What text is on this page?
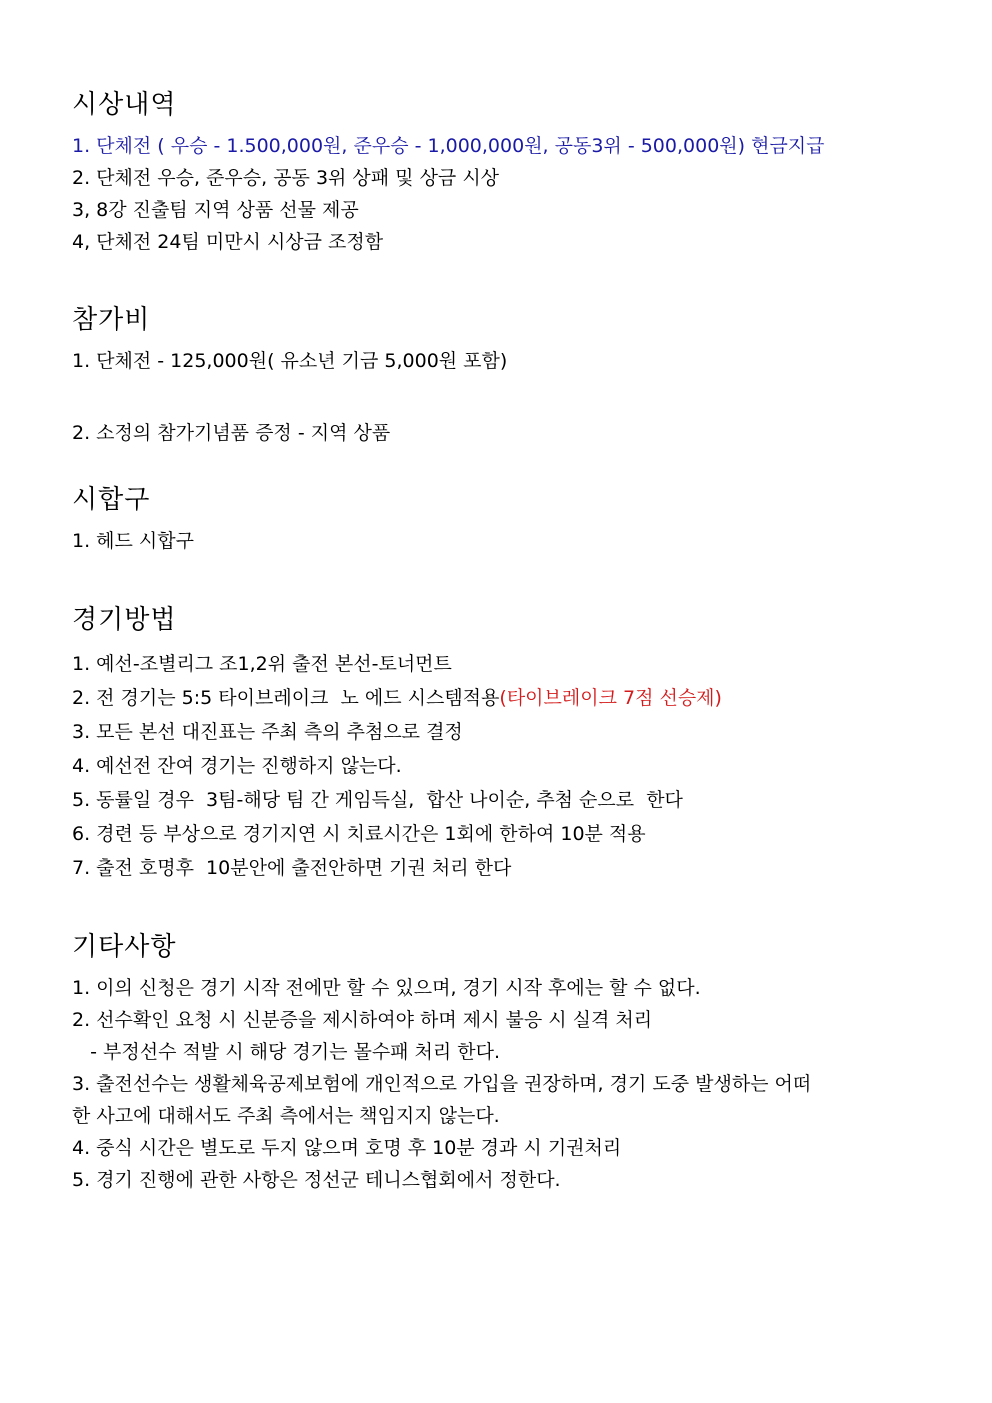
시상내역

1. 단체전 ( 우승 - 1.500,000원, 준우승 - 1,000,000원, 공동3위 - 500,000원) 현금지급

2. 단체전 우승, 준우승, 공동 3위 상패 및 상금 시상

3, 8강 진출팀 지역 상품 선물 제공

4, 단체전 24팀 미만시 시상금 조정함

참가비

1. 단체전 - 125,000원( 유소년 기금 5,000원 포함)

2. 소정의 참가기념품 증정 - 지역 상품

시합구

1. 헤드 시합구

경기방법

1. 예선-조별리그 조1,2위 출전 본선-토너먼트

2. 전 경기는 5:5 타이브레이크  노 에드 시스템적용(타이브레이크 7점 선승제)

3. 모든 본선 대진표는 주최 측의 추첨으로 결정

4. 예선전 잔여 경기는 진행하지 않는다.

5. 동률일 경우  3팀-해당 팀 간 게임득실,  합산 나이순, 추첨 순으로  한다

6. 경련 등 부상으로 경기지연 시 치료시간은 1회에 한하여 10분 적용

7. 출전 호명후  10분안에 출전안하면 기권 처리 한다

기타사항

1. 이의 신청은 경기 시작 전에만 할 수 있으며, 경기 시작 후에는 할 수 없다.

2. 선수확인 요청 시 신분증을 제시하여야 하며 제시 불응 시 실격 처리

- 부정선수 적발 시 해당 경기는 몰수패 처리 한다.

3. 출전선수는 생활체육공제보험에 개인적으로 가입을 권장하며, 경기 도중 발생하는 어떠

한 사고에 대해서도 주최 측에서는 책임지지 않는다.

4. 중식 시간은 별도로 두지 않으며 호명 후 10분 경과 시 기권처리

5. 경기 진행에 관한 사항은 정선군 테니스협회에서 정한다.
